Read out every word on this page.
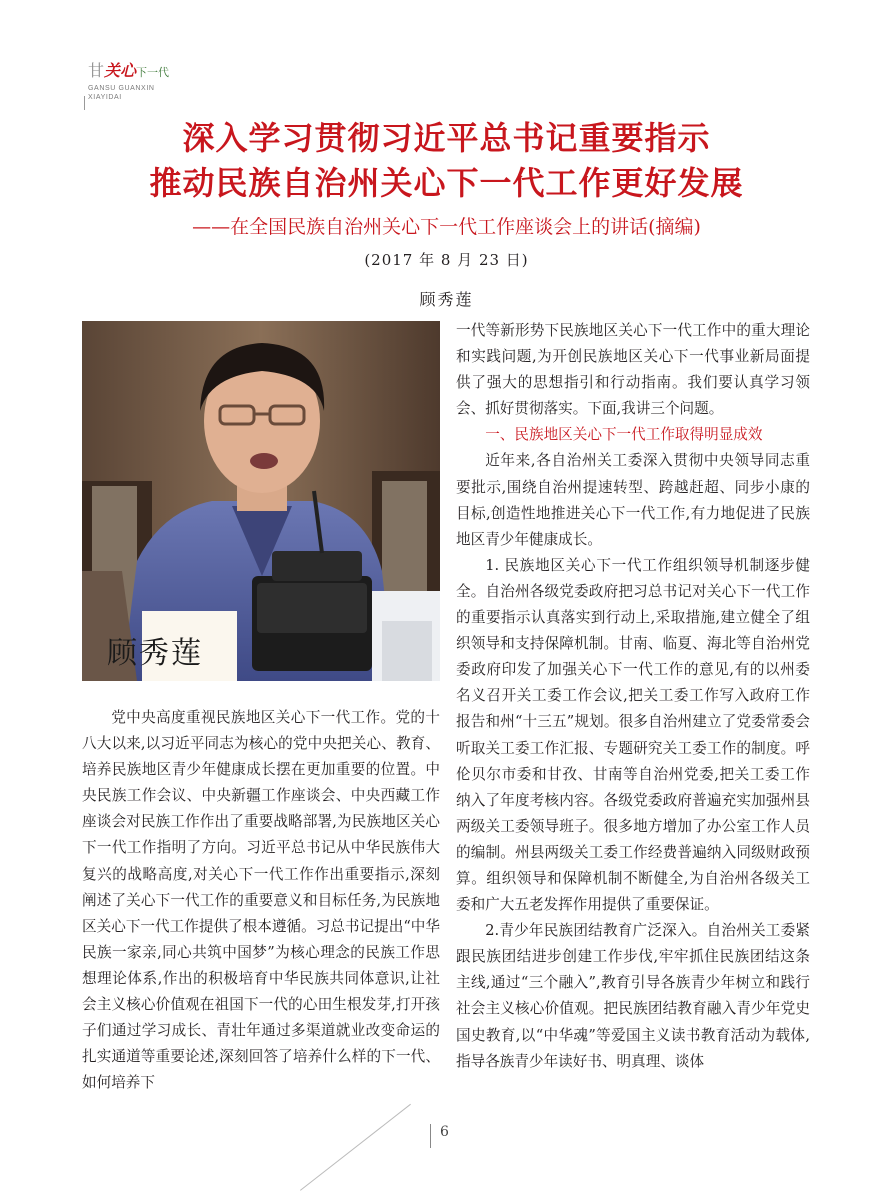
甘关心下一代
GANSU GUANXIN
XIAYIDAI
深入学习贯彻习近平总书记重要指示
推动民族自治州关心下一代工作更好发展
——在全国民族自治州关心下一代工作座谈会上的讲话(摘编)
(2017 年 8 月 23 日)
顾秀莲
顾秀莲

党中央高度重视民族地区关心下一代工作。党的十八大以来,以习近平同志为核心的党中央把关心、教育、培养民族地区青少年健康成长摆在更加重要的位置。中央民族工作会议、中央新疆工作座谈会、中央西藏工作座谈会对民族工作作出了重要战略部署,为民族地区关心下一代工作指明了方向。习近平总书记从中华民族伟大复兴的战略高度,对关心下一代工作作出重要指示,深刻阐述了关心下一代工作的重要意义和目标任务,为民族地区关心下一代工作提供了根本遵循。习总书记提出“中华民族一家亲,同心共筑中国梦”为核心理念的民族工作思想理论体系,作出的积极培育中华民族共同体意识,让社会主义核心价值观在祖国下一代的心田生根发芽,打开孩子们通过学习成长、青壮年通过多渠道就业改变命运的扎实通道等重要论述,深刻回答了培养什么样的下一代、如何培养下

一代等新形势下民族地区关心下一代工作中的重大理论和实践问题,为开创民族地区关心下一代事业新局面提供了强大的思想指引和行动指南。我们要认真学习领会、抓好贯彻落实。下面,我讲三个问题。

一、民族地区关心下一代工作取得明显成效

近年来,各自治州关工委深入贯彻中央领导同志重要批示,围绕自治州提速转型、跨越赶超、同步小康的目标,创造性地推进关心下一代工作,有力地促进了民族地区青少年健康成长。

1. 民族地区关心下一代工作组织领导机制逐步健全。自治州各级党委政府把习总书记对关心下一代工作的重要指示认真落实到行动上,采取措施,建立健全了组织领导和支持保障机制。甘南、临夏、海北等自治州党委政府印发了加强关心下一代工作的意见,有的以州委名义召开关工委工作会议,把关工委工作写入政府工作报告和州“十三五”规划。很多自治州建立了党委常委会听取关工委工作汇报、专题研究关工委工作的制度。呼伦贝尔市委和甘孜、甘南等自治州党委,把关工委工作纳入了年度考核内容。各级党委政府普遍充实加强州县两级关工委领导班子。很多地方增加了办公室工作人员的编制。州县两级关工委工作经费普遍纳入同级财政预算。组织领导和保障机制不断健全,为自治州各级关工委和广大五老发挥作用提供了重要保证。

2.青少年民族团结教育广泛深入。自治州关工委紧跟民族团结进步创建工作步伐,牢牢抓住民族团结这条主线,通过“三个融入”,教育引导各族青少年树立和践行社会主义核心价值观。把民族团结教育融入青少年党史国史教育,以“中华魂”等爱国主义读书教育活动为载体,指导各族青少年读好书、明真理、谈体

6
